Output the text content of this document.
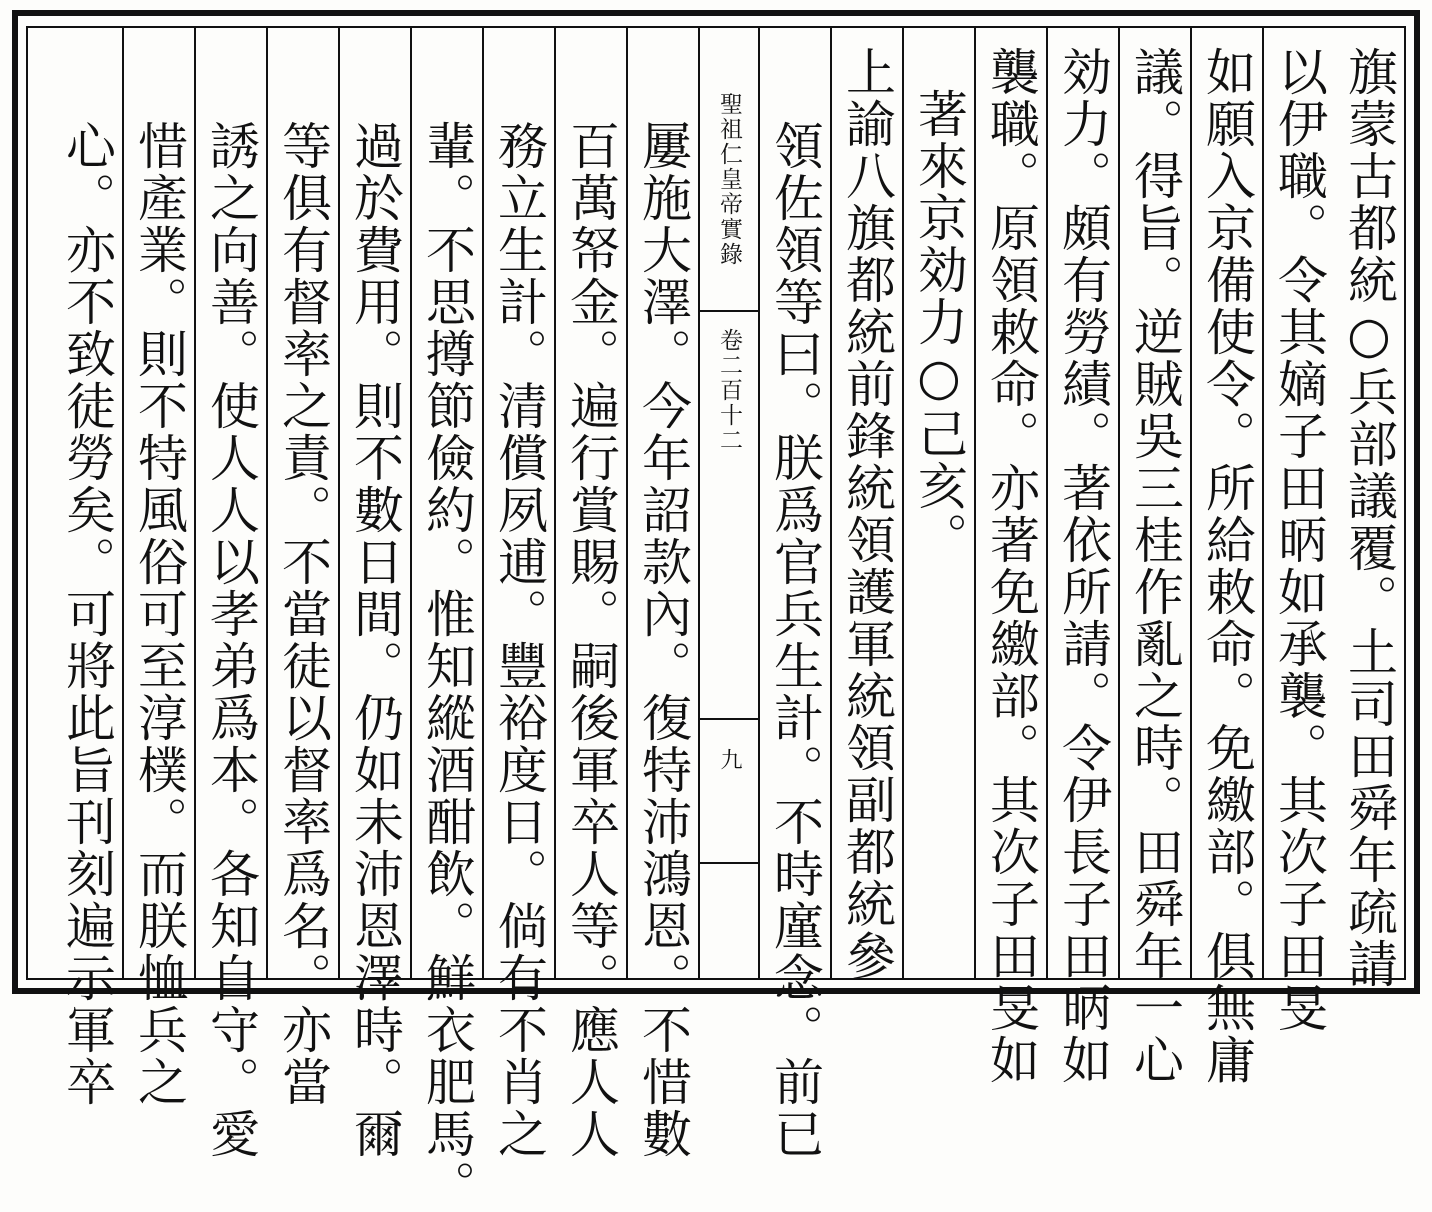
旗蒙古都統○兵部議覆。土司田舜年疏請
以伊職。令其嫡子田昞如承襲。其次子田旻
如願入京備使令。所給敕命。免繳部。俱無庸
議。得旨。逆賊吳三桂作亂之時。田舜年一心
効力。頗有勞績。著依所請。令伊長子田昞如
襲職。原領敕命。亦著免繳部。其次子田旻如
著來京効力○己亥。
上諭八旗都統前鋒統領護軍統領副都統參
領佐領等曰。朕爲官兵生計。不時廑念。前已
聖祖仁皇帝實錄
卷二百十二
九
屢施大澤。今年詔款內。復特沛鴻恩。不惜數
百萬帑金。遍行賞賜。嗣後軍卒人等。應人人
務立生計。清償夙逋。豐裕度日。倘有不肖之
輩。不思撙節儉約。惟知縱酒酣飲。鮮衣肥馬。
過於費用。則不數日間。仍如未沛恩澤時。爾
等俱有督率之責。不當徒以督率爲名。亦當
誘之向善。使人人以孝弟爲本。各知自守。愛
惜產業。則不特風俗可至淳樸。而朕恤兵之
心。亦不致徒勞矣。可將此旨刊刻遍示軍卒
